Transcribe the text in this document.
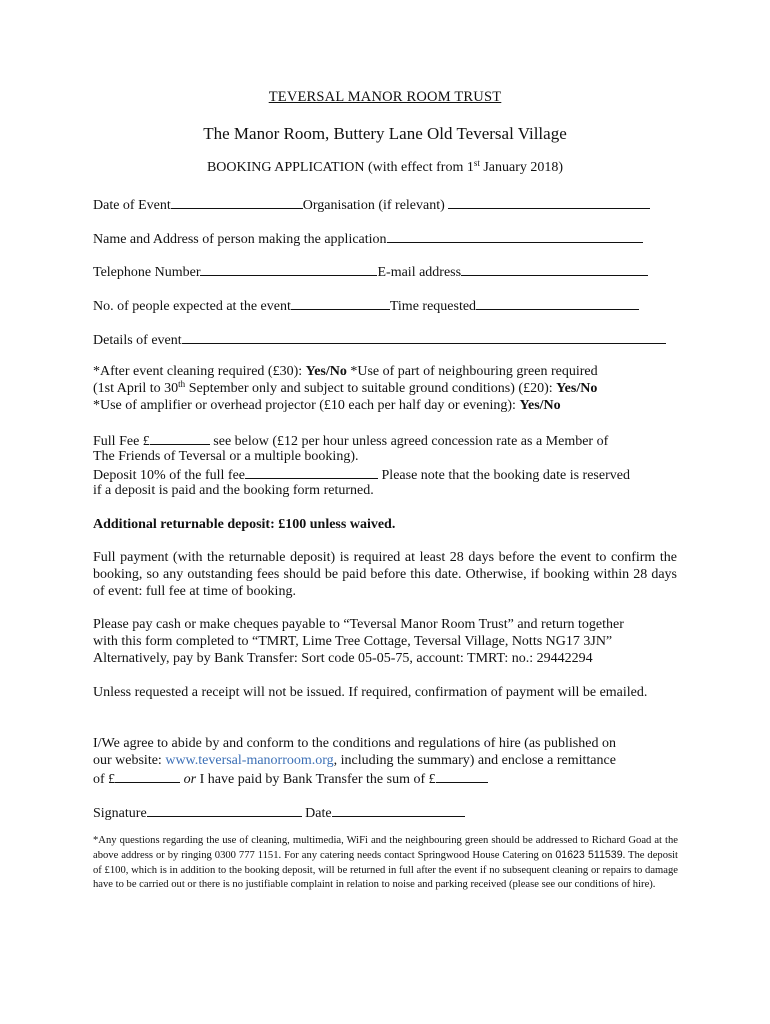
TEVERSAL MANOR ROOM TRUST
The Manor Room, Buttery Lane Old Teversal Village
BOOKING APPLICATION (with effect from 1st January 2018)
Date of Event	Organisation (if relevant)
Name and Address of person making the application
Telephone Number	E-mail address
No. of people expected at the event	Time requested
Details of event
*After event cleaning required (£30): Yes/No *Use of part of neighbouring green required
(1st April to 30th September only and subject to suitable ground conditions) (£20): Yes/No
*Use of amplifier or overhead projector (£10 each per half day or evening): Yes/No
Full Fee £	see below (£12 per hour unless agreed concession rate as a Member of
The Friends of Teversal or a multiple booking).
Deposit 10% of the full fee	Please note that the booking date is reserved
if a deposit is paid and the booking form returned.
Additional returnable deposit: £100 unless waived.
Full payment (with the returnable deposit) is required at least 28 days before the event to confirm the booking, so any outstanding fees should be paid before this date. Otherwise, if booking within 28 days of event: full fee at time of booking.
Please pay cash or make cheques payable to “Teversal Manor Room Trust” and return together
with this form completed to “TMRT, Lime Tree Cottage, Teversal Village, Notts NG17 3JN”
Alternatively, pay by Bank Transfer: Sort code 05-05-75, account: TMRT: no.: 29442294
Unless requested a receipt will not be issued. If required, confirmation of payment will be emailed.
I/We agree to abide by and conform to the conditions and regulations of hire (as published on
our website: www.teversal-manorroom.org, including the summary) and enclose a remittance
of £	or I have paid by Bank Transfer the sum of £
Signature	Date
*Any questions regarding the use of cleaning, multimedia, WiFi and the neighbouring green should be addressed to Richard Goad at the above address or by ringing 0300 777 1151. For any catering needs contact Springwood House Catering on 01623 511539. The deposit of £100, which is in addition to the booking deposit, will be returned in full after the event if no subsequent cleaning or repairs to damage have to be carried out or there is no justifiable complaint in relation to noise and parking received (please see our conditions of hire).
